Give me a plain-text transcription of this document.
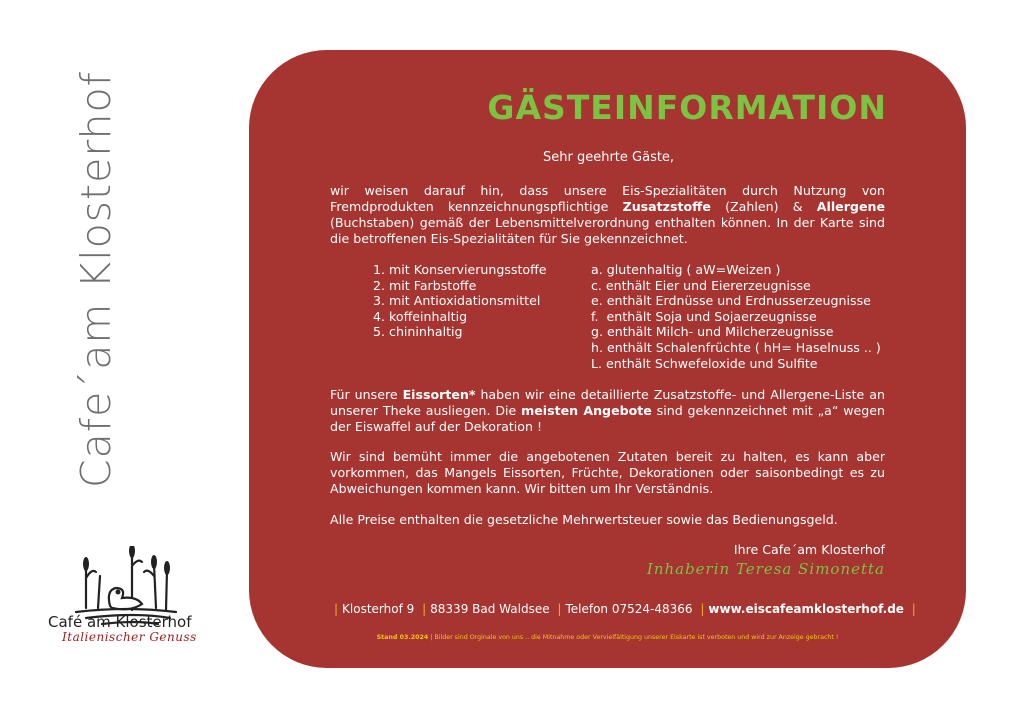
Cafe´am Klosterhof
Café am Klosterhof
Italienischer Genuss
GÄSTEINFORMATION
Sehr geehrte Gäste,

wir weisen darauf hin, dass unsere Eis-Spezialitäten durch Nutzung von Fremdprodukten kennzeichnungspflichtige Zusatzstoffe (Zahlen) & Allergene (Buchstaben) gemäß der Lebensmittelverordnung enthalten können. In der Karte sind die betroffenen Eis-Spezialitäten für Sie gekennzeichnet.

1. mit Konservierungsstoffe
2. mit Farbstoffe
3. mit Antioxidationsmittel
4. koffeinhaltig
5. chininhaltig
a. glutenhaltig ( aW=Weizen )
c. enthält Eier und Eiererzeugnisse
e. enthält Erdnüsse und Erdnusserzeugnisse
f.  enthält Soja und Sojaerzeugnisse
g. enthält Milch- und Milcherzeugnisse
h. enthält Schalenfrüchte ( hH= Haselnuss .. )
L. enthält Schwefeloxide und Sulfite

Für unsere Eissorten* haben wir eine detaillierte Zusatzstoffe- und Allergene-Liste an unserer Theke ausliegen. Die meisten Angebote sind gekennzeichnet mit „a“ wegen der Eiswaffel auf der Dekoration !

Wir sind bemüht immer die angebotenen Zutaten bereit zu halten, es kann aber vorkommen, das Mangels Eissorten, Früchte, Dekorationen oder saisonbedingt es zu Abweichungen kommen kann. Wir bitten um Ihr Verständnis.

Alle Preise enthalten die gesetzliche Mehrwertsteuer sowie das Bedienungsgeld.

Ihre Cafe´am Klosterhof
Inhaberin Teresa Simonetta
| Klosterhof 9 | 88339 Bad Waldsee | Telefon 07524-48366 | www.eiscafeamklosterhof.de |
Stand 03.2024 | Bilder sind Orginale von uns .. die Mitnahme oder Vervielfältigung unserer Eiskarte ist verboten und wird zur Anzeige gebracht !
